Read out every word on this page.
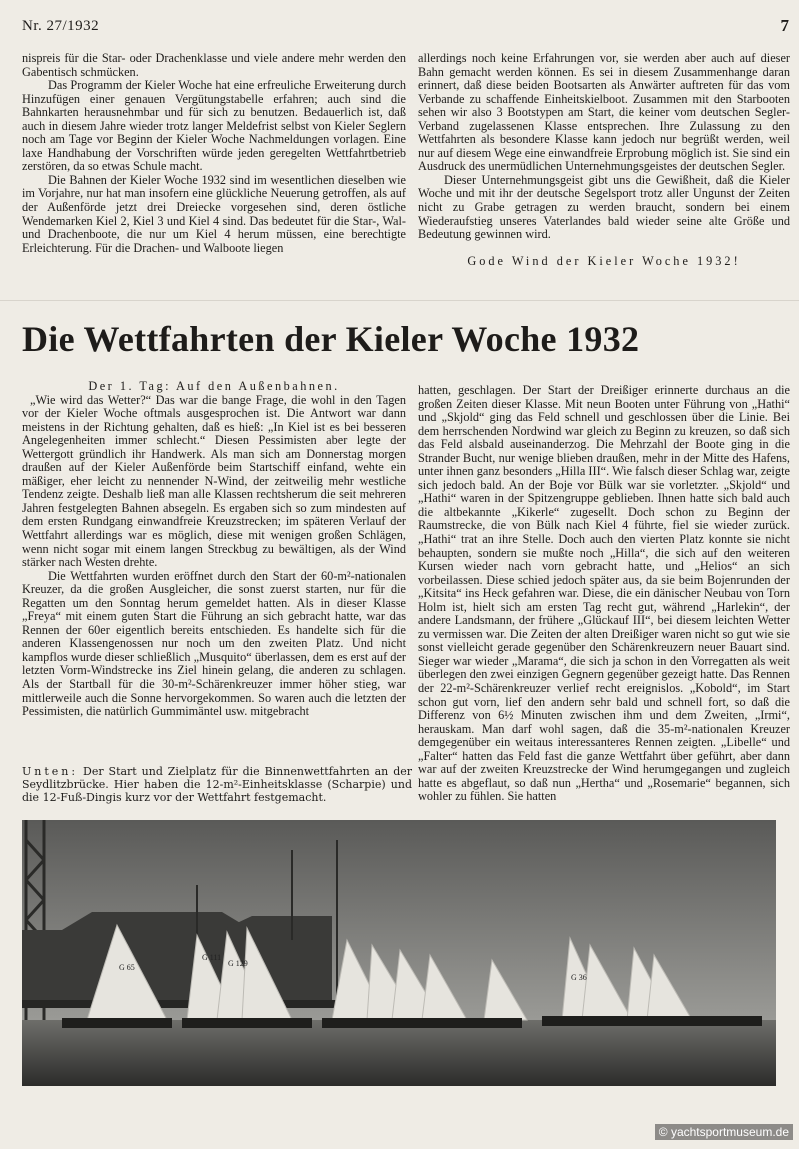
Nr. 27/1932	7

nispreis für die Star- oder Drachenklasse und viele andere mehr werden den Gabentisch schmücken.

Das Programm der Kieler Woche hat eine erfreuliche Erweiterung durch Hinzufügen einer genauen Vergütungstabelle erfahren; auch sind die Bahnkarten herausnehmbar und für sich zu benutzen. Bedauerlich ist, daß auch in diesem Jahre wieder trotz langer Meldefrist selbst von Kieler Seglern noch am Tage vor Beginn der Kieler Woche Nachmeldungen vorlagen. Eine laxe Handhabung der Vorschriften würde jeden geregelten Wettfahrtbetrieb zerstören, da so etwas Schule macht.

Die Bahnen der Kieler Woche 1932 sind im wesentlichen dieselben wie im Vorjahre, nur hat man insofern eine glückliche Neuerung getroffen, als auf der Außenförde jetzt drei Dreiecke vorgesehen sind, deren östliche Wendemarken Kiel 2, Kiel 3 und Kiel 4 sind. Das bedeutet für die Star-, Wal- und Drachenboote, die nur um Kiel 4 herum müssen, eine berechtigte Erleichterung. Für die Drachen- und Walboote liegen

allerdings noch keine Erfahrungen vor, sie werden aber auch auf dieser Bahn gemacht werden können. Es sei in diesem Zusammenhange daran erinnert, daß diese beiden Bootsarten als Anwärter auftreten für das vom Verbande zu schaffende Einheitskielboot. Zusammen mit den Starbooten sehen wir also 3 Bootstypen am Start, die keiner vom deutschen Segler-Verband zugelassenen Klasse entsprechen. Ihre Zulassung zu den Wettfahrten als besondere Klasse kann jedoch nur begrüßt werden, weil nur auf diesem Wege eine einwandfreie Erprobung möglich ist. Sie sind ein Ausdruck des unermüdlichen Unternehmungsgeistes der deutschen Segler.

Dieser Unternehmungsgeist gibt uns die Gewißheit, daß die Kieler Woche und mit ihr der deutsche Segelsport trotz aller Ungunst der Zeiten nicht zu Grabe getragen zu werden braucht, sondern bei einem Wiederaufstieg unseres Vaterlandes bald wieder seine alte Größe und Bedeutung gewinnen wird.

Gode Wind der Kieler Woche 1932!

Die Wettfahrten der Kieler Woche 1932

Der 1. Tag: Auf den Außenbahnen.

„Wie wird das Wetter?“ Das war die bange Frage, die wohl in den Tagen vor der Kieler Woche oftmals ausgesprochen ist. Die Antwort war dann meistens in der Richtung gehalten, daß es hieß: „In Kiel ist es bei besseren Angelegenheiten immer schlecht.“ Diesen Pessimisten aber legte der Wettergott gründlich ihr Handwerk. Als man sich am Donnerstag morgen draußen auf der Kieler Außenförde beim Startschiff einfand, wehte ein mäßiger, eher leicht zu nennender N-Wind, der zeitweilig mehr westliche Tendenz zeigte. Deshalb ließ man alle Klassen rechtsherum die seit mehreren Jahren festgelegten Bahnen absegeln. Es ergaben sich so zum mindesten auf dem ersten Rundgang einwandfreie Kreuzstrecken; im späteren Verlauf der Wettfahrt allerdings war es möglich, diese mit wenigen großen Schlägen, wenn nicht sogar mit einem langen Streckbug zu bewältigen, als der Wind stärker nach Westen drehte.

Die Wettfahrten wurden eröffnet durch den Start der 60-m²-nationalen Kreuzer, da die großen Ausgleicher, die sonst zuerst starten, nur für die Regatten um den Sonntag herum gemeldet hatten. Als in dieser Klasse „Freya“ mit einem guten Start die Führung an sich gebracht hatte, war das Rennen der 60er eigentlich bereits entschieden. Es handelte sich für die anderen Klassengenossen nur noch um den zweiten Platz. Und nicht kampflos wurde dieser schließlich „Musquito“ überlassen, dem es erst auf der letzten Vorm-Windstrecke ins Ziel hinein gelang, die anderen zu schlagen. Als der Startball für die 30-m²-Schärenkreuzer immer höher stieg, war mittlerweile auch die Sonne hervorgekommen. So waren auch die letzten der Pessimisten, die natürlich Gummimäntel usw. mitgebracht

hatten, geschlagen. Der Start der Dreißiger erinnerte durchaus an die großen Zeiten dieser Klasse. Mit neun Booten unter Führung von „Hathi“ und „Skjold“ ging das Feld schnell und geschlossen über die Linie. Bei dem herrschenden Nordwind war gleich zu Beginn zu kreuzen, so daß sich das Feld alsbald auseinanderzog. Die Mehrzahl der Boote ging in die Strander Bucht, nur wenige blieben draußen, mehr in der Mitte des Hafens, unter ihnen ganz besonders „Hilla III“. Wie falsch dieser Schlag war, zeigte sich jedoch bald. An der Boje vor Bülk war sie vorletzter. „Skjold“ und „Hathi“ waren in der Spitzengruppe geblieben. Ihnen hatte sich bald auch die altbekannte „Kikerle“ zugesellt. Doch schon zu Beginn der Raumstrecke, die von Bülk nach Kiel 4 führte, fiel sie wieder zurück. „Hathi“ trat an ihre Stelle. Doch auch den vierten Platz konnte sie nicht behaupten, sondern sie mußte noch „Hilla“, die sich auf den weiteren Kursen wieder nach vorn gebracht hatte, und „Helios“ an sich vorbeilassen. Diese schied jedoch später aus, da sie beim Bojenrunden der „Kitsita“ ins Heck gefahren war. Diese, die ein dänischer Neubau von Torn Holm ist, hielt sich am ersten Tag recht gut, während „Harlekin“, der andere Landsmann, der frühere „Glückauf III“, bei diesem leichten Wetter zu vermissen war. Die Zeiten der alten Dreißiger waren nicht so gut wie sie sonst vielleicht gerade gegenüber den Schärenkreuzern neuer Bauart sind. Sieger war wieder „Marama“, die sich ja schon in den Vorregatten als weit überlegen den zwei einzigen Gegnern gegenüber gezeigt hatte. Das Rennen der 22-m²-Schärenkreuzer verlief recht ereignislos. „Kobold“, im Start schon gut vorn, lief den andern sehr bald und schnell fort, so daß die Differenz von 6½ Minuten zwischen ihm und dem Zweiten, „Irmi“, herauskam. Man darf wohl sagen, daß die 35-m²-nationalen Kreuzer demgegenüber ein weitaus interessanteres Rennen zeigten. „Libelle“ und „Falter“ hatten das Feld fast die ganze Wettfahrt über geführt, aber dann war auf der zweiten Kreuzstrecke der Wind herumgegangen und zugleich hatte es abgeflaut, so daß nun „Hertha“ und „Rosemarie“ begannen, sich wohler zu fühlen. Sie hatten

Unten: Der Start und Zielplatz für die Binnenwettfahrten an der Seydlitzbrücke. Hier haben die 12-m²-Einheitsklasse (Scharpie) und die 12-Fuß-Dingis kurz vor der Wettfahrt festgemacht.
G 65
G 111
G 129
G 36
© yachtsportmuseum.de
